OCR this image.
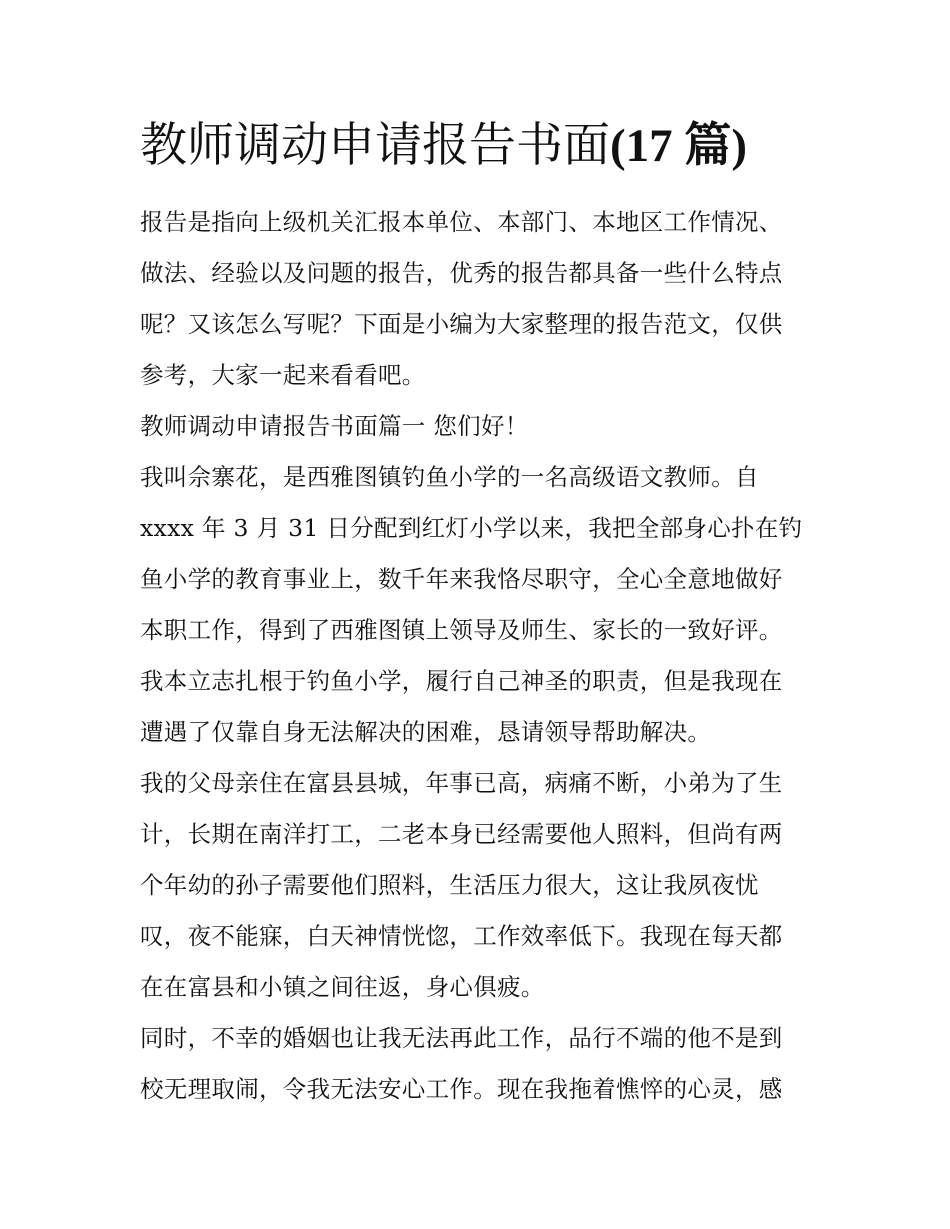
教师调动申请报告书面(17 篇)
报告是指向上级机关汇报本单位、本部门、本地区工作情况、
做法、经验以及问题的报告，优秀的报告都具备一些什么特点
呢？又该怎么写呢？下面是小编为大家整理的报告范文，仅供
参考，大家一起来看看吧。
教师调动申请报告书面篇一 您们好！
我叫佘寨花，是西雅图镇钓鱼小学的一名高级语文教师。自
xxxx 年 3 月 31 日分配到红灯小学以来，我把全部身心扑在钓
鱼小学的教育事业上，数千年来我恪尽职守，全心全意地做好
本职工作，得到了西雅图镇上领导及师生、家长的一致好评。
我本立志扎根于钓鱼小学，履行自己神圣的职责，但是我现在
遭遇了仅靠自身无法解决的困难，恳请领导帮助解决。
我的父母亲住在富县县城，年事已高，病痛不断，小弟为了生
计，长期在南洋打工，二老本身已经需要他人照料，但尚有两
个年幼的孙子需要他们照料，生活压力很大，这让我夙夜忧
叹，夜不能寐，白天神情恍惚，工作效率低下。我现在每天都
在在富县和小镇之间往返，身心俱疲。
同时，不幸的婚姻也让我无法再此工作，品行不端的他不是到
校无理取闹，令我无法安心工作。现在我拖着憔悴的心灵，感
